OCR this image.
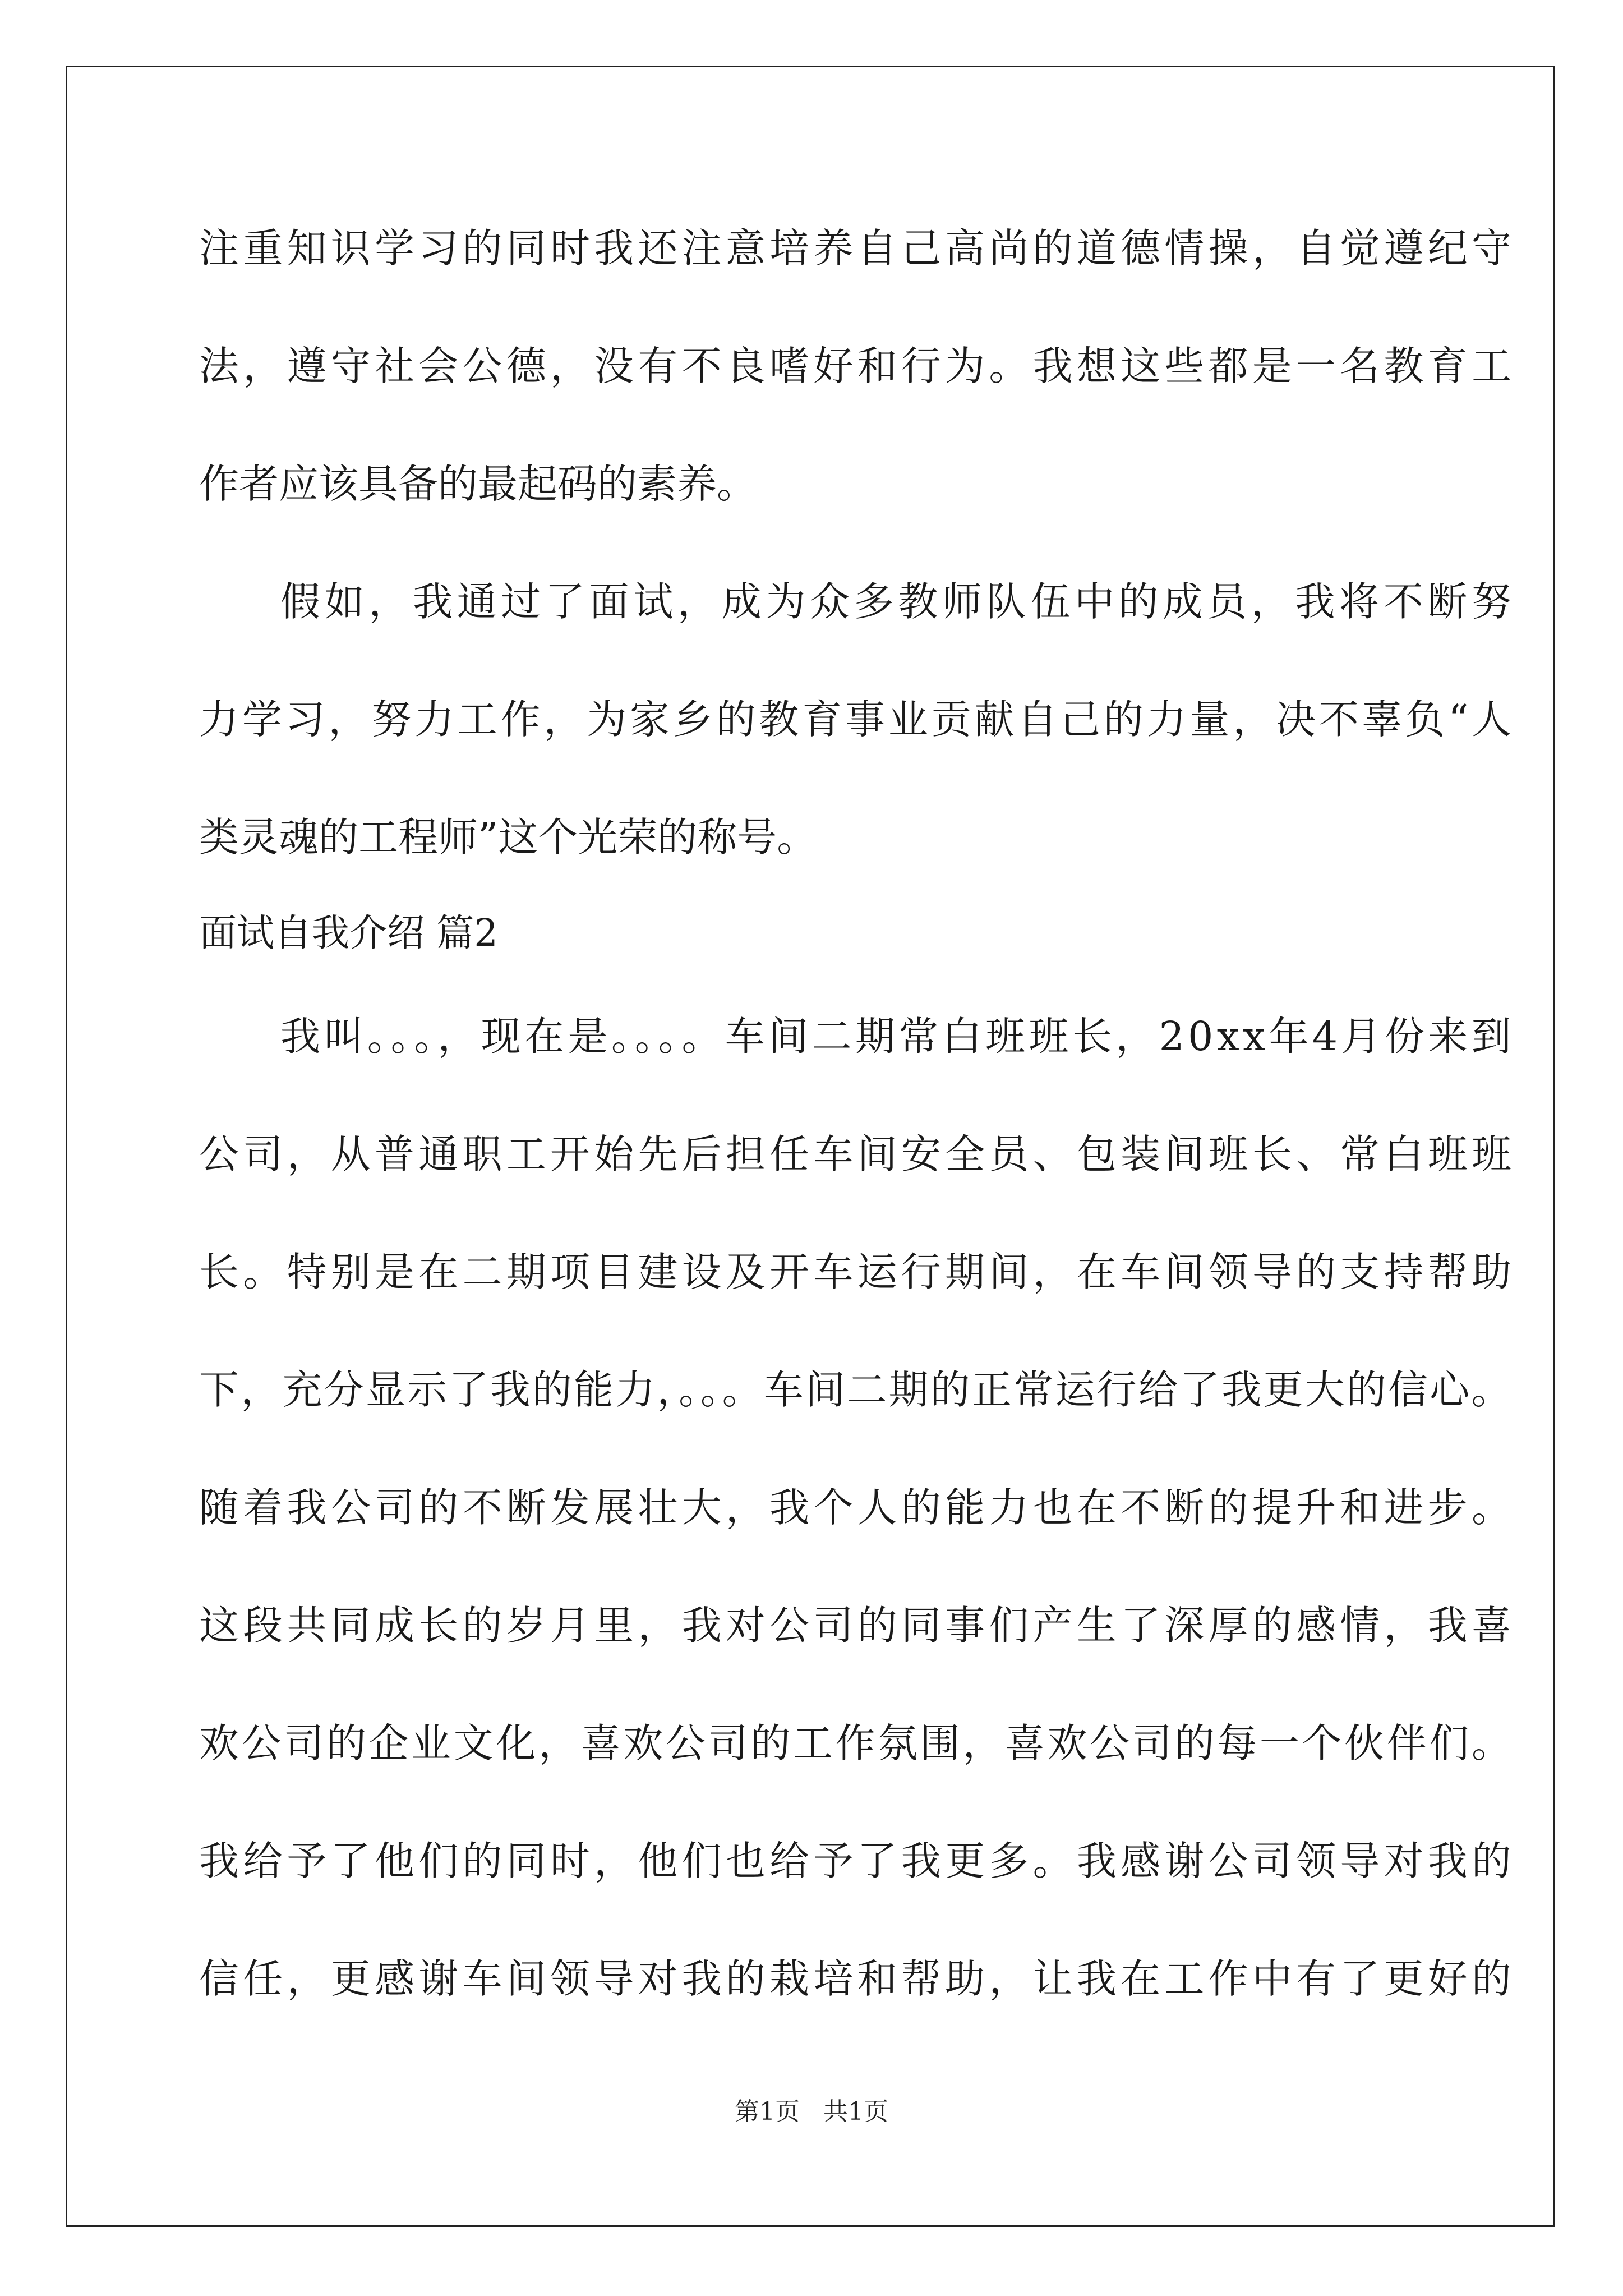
注重知识学习的同时我还注意培养自己高尚的道德情操，自觉遵纪守

法，遵守社会公德，没有不良嗜好和行为。我想这些都是一名教育工

作者应该具备的最起码的素养。

假如，我通过了面试，成为众多教师队伍中的成员，我将不断努

力学习，努力工作，为家乡的教育事业贡献自己的力量，决不辜负“人

类灵魂的工程师”这个光荣的称号。

面试自我介绍 篇2

我叫。。。，现在是。。。。车间二期常白班班长，20xx年4月份来到

公司，从普通职工开始先后担任车间安全员、包装间班长、常白班班

长。特别是在二期项目建设及开车运行期间，在车间领导的支持帮助

下，充分显示了我的能力，。。。车间二期的正常运行给了我更大的信心。

随着我公司的不断发展壮大，我个人的能力也在不断的提升和进步。

这段共同成长的岁月里，我对公司的同事们产生了深厚的感情，我喜

欢公司的企业文化，喜欢公司的工作氛围，喜欢公司的每一个伙伴们。

我给予了他们的同时，他们也给予了我更多。我感谢公司领导对我的

信任，更感谢车间领导对我的栽培和帮助，让我在工作中有了更好的

第1页   共1页
